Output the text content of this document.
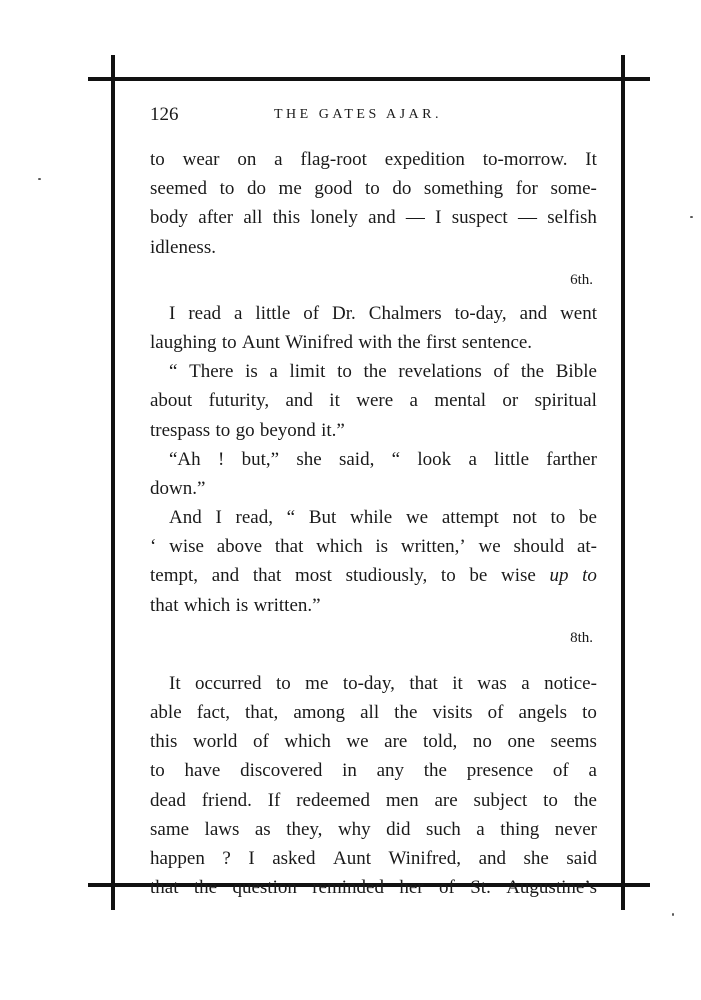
126	THE GATES AJAR.
to wear on a flag-root expedition to-morrow. It
seemed to do me good to do something for some-
body after all this lonely and — I suspect — selfish
idleness.
6th.
I read a little of Dr. Chalmers to-day, and went
laughing to Aunt Winifred with the first sentence.
“ There is a limit to the revelations of the Bible
about futurity, and it were a mental or spiritual
trespass to go beyond it.”
“Ah ! but,” she said, “ look a little farther
down.”
And I read, “ But while we attempt not to be
‘ wise above that which is written,’ we should at-
tempt, and that most studiously, to be wise up to
that which is written.”
8th.
It occurred to me to-day, that it was a notice-
able fact, that, among all the visits of angels to
this world of which we are told, no one seems
to have discovered in any the presence of a
dead friend. If redeemed men are subject to the
same laws as they, why did such a thing never
happen ? I asked Aunt Winifred, and she said
that the question reminded her of St. Augustine’s
